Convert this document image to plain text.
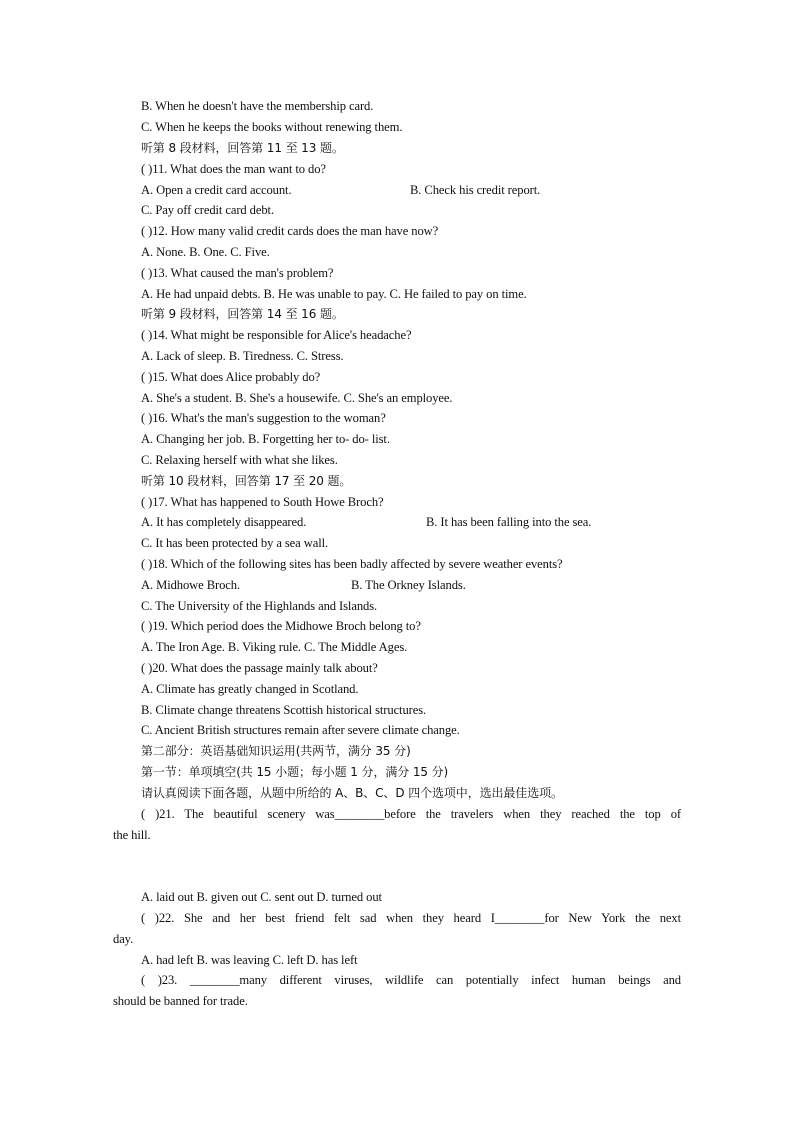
B. When he doesn't have the membership card.
C. When he keeps the books without renewing them.
听第 8 段材料，回答第 11 至 13 题。
( )11. What does the man want to do?
A. Open a credit card account.	B. Check his credit report.
C. Pay off credit card debt.
( )12. How many valid credit cards does the man have now?
A. None. B. One. C. Five.
( )13. What caused the man's problem?
A. He had unpaid debts. B. He was unable to pay. C. He failed to pay on time.
听第 9 段材料，回答第 14 至 16 题。
( )14. What might be responsible for Alice's headache?
A. Lack of sleep. B. Tiredness. C. Stress.
( )15. What does Alice probably do?
A. She's a student. B. She's a housewife. C. She's an employee.
( )16. What's the man's suggestion to the woman?
A. Changing her job. B. Forgetting her to- do- list.
C. Relaxing herself with what she likes.
听第 10 段材料，回答第 17 至 20 题。
( )17. What has happened to South Howe Broch?
A. It has completely disappeared.	B. It has been falling into the sea.
C. It has been protected by a sea wall.
( )18. Which of the following sites has been badly affected by severe weather events?
A. Midhowe Broch.	B. The Orkney Islands.
C. The University of the Highlands and Islands.
( )19. Which period does the Midhowe Broch belong to?
A. The Iron Age. B. Viking rule. C. The Middle Ages.
( )20. What does the passage mainly talk about?
A. Climate has greatly changed in Scotland.
B. Climate change threatens Scottish historical structures.
C. Ancient British structures remain after severe climate change.
第二部分：英语基础知识运用(共两节，满分 35 分)
第一节：单项填空(共 15 小题；每小题 1 分，满分 15 分)
请认真阅读下面各题，从题中所给的 A、B、C、D 四个选项中，选出最佳选项。
( )21. The beautiful scenery was________before the travelers when they reached the top of
the hill.
A. laid out B. given out C. sent out D. turned out
( )22. She and her best friend felt sad when they heard I________for New York the next
day.
A. had left B. was leaving C. left D. has left
( )23. ________many different viruses, wildlife can potentially infect human beings and
should be banned for trade.
